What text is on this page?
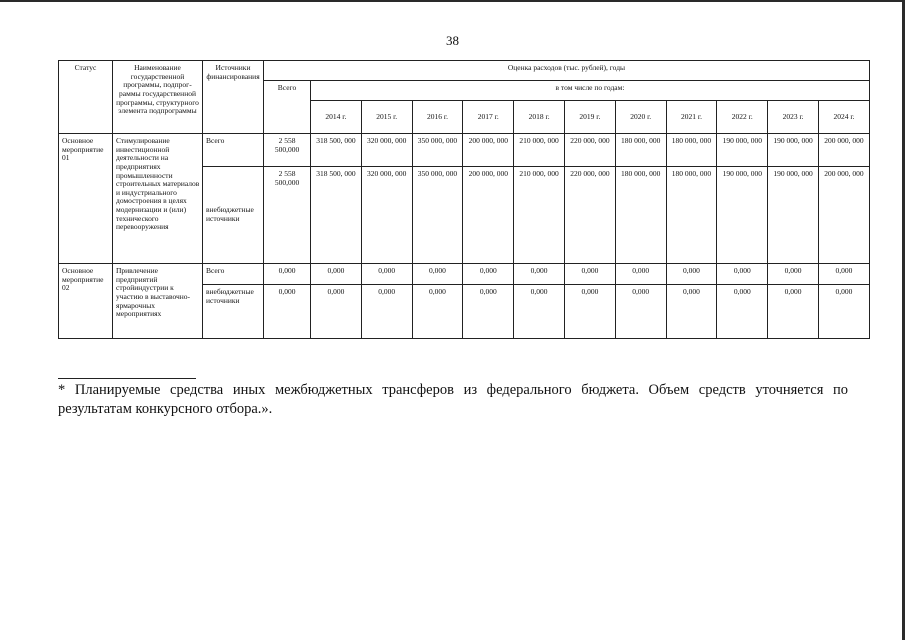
38
Статус	Наименование государственной программы, подпрограммы государственной программы, структурного элемента подпрограммы	Источники финансирования	Оценка расходов (тыс. рублей), годы											
			Всего	в том числе по годам:										
				2014 г.	2015 г.	2016 г.	2017 г.	2018 г.	2019 г.	2020 г.	2021 г.	2022 г.	2023 г.	2024 г.
Основное мероприятие 01	Стимулирование инвестиционной деятельности на предприятиях промышленности строительных материалов и индустриального домостроения в целях модернизации и (или) технического перевооружения	Всего	2 558 500,000	318 500, 000	320 000, 000	350 000, 000	200 000, 000	210 000, 000	220 000, 000	180 000, 000	180 000, 000	190 000, 000	190 000, 000	200 000, 000
		внебюджетные источники	2 558 500,000	318 500, 000	320 000, 000	350 000, 000	200 000, 000	210 000, 000	220 000, 000	180 000, 000	180 000, 000	190 000, 000	190 000, 000	200 000, 000
Основное мероприятие 02	Привлечение предприятий стройиндустрии к участию в выставочно-ярмарочных мероприятиях	Всего	0,000	0,000	0,000	0,000	0,000	0,000	0,000	0,000	0,000	0,000	0,000	0,000
		внебюджетные источники	0,000	0,000	0,000	0,000	0,000	0,000	0,000	0,000	0,000	0,000	0,000	0,000
* Планируемые средства иных межбюджетных трансферов из федерального бюджета. Объем средств уточняется по результатам конкурсного отбора.».
